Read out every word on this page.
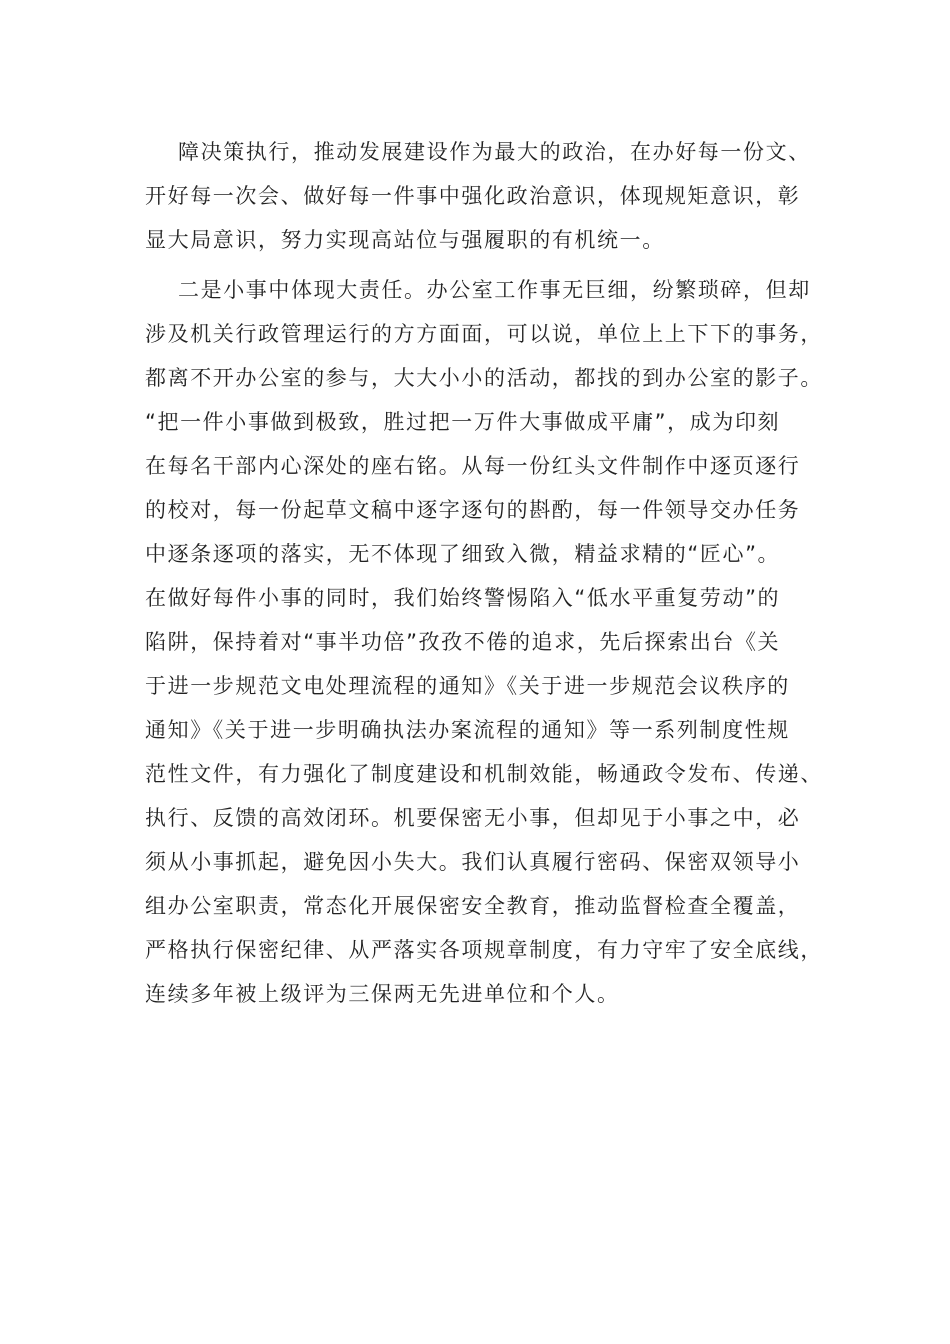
障决策执行，推动发展建设作为最大的政治，在办好每一份文、
开好每一次会、做好每一件事中强化政治意识，体现规矩意识，彰
显大局意识，努力实现高站位与强履职的有机统一。
二是小事中体现大责任。办公室工作事无巨细，纷繁琐碎，但却
涉及机关行政管理运行的方方面面，可以说，单位上上下下的事务，
都离不开办公室的参与，大大小小的活动，都找的到办公室的影子。
“把一件小事做到极致，胜过把一万件大事做成平庸”，成为印刻
在每名干部内心深处的座右铭。从每一份红头文件制作中逐页逐行
的校对，每一份起草文稿中逐字逐句的斟酌，每一件领导交办任务
中逐条逐项的落实，无不体现了细致入微，精益求精的“匠心”。
在做好每件小事的同时，我们始终警惕陷入“低水平重复劳动”的
陷阱，保持着对“事半功倍”孜孜不倦的追求，先后探索出台《关
于进一步规范文电处理流程的通知》《关于进一步规范会议秩序的
通知》《关于进一步明确执法办案流程的通知》等一系列制度性规
范性文件，有力强化了制度建设和机制效能，畅通政令发布、传递、
执行、反馈的高效闭环。机要保密无小事，但却见于小事之中，必
须从小事抓起，避免因小失大。我们认真履行密码、保密双领导小
组办公室职责，常态化开展保密安全教育，推动监督检查全覆盖，
严格执行保密纪律、从严落实各项规章制度，有力守牢了安全底线，
连续多年被上级评为三保两无先进单位和个人。
